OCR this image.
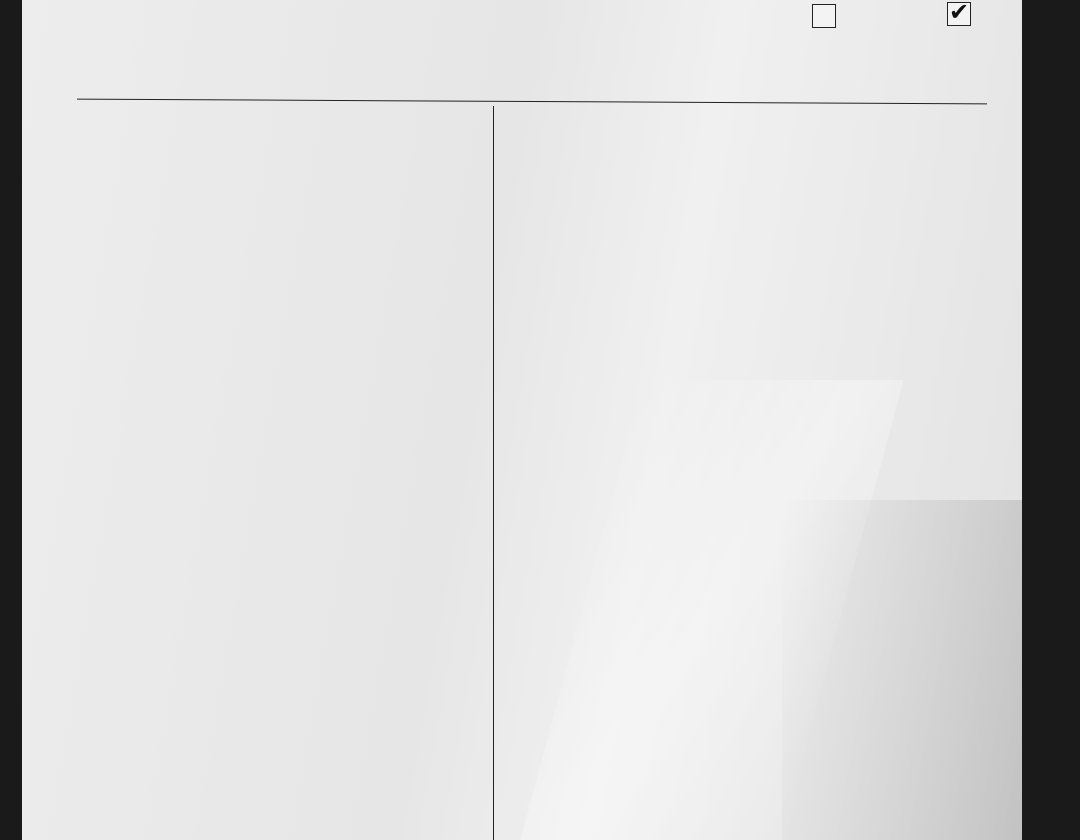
✔
